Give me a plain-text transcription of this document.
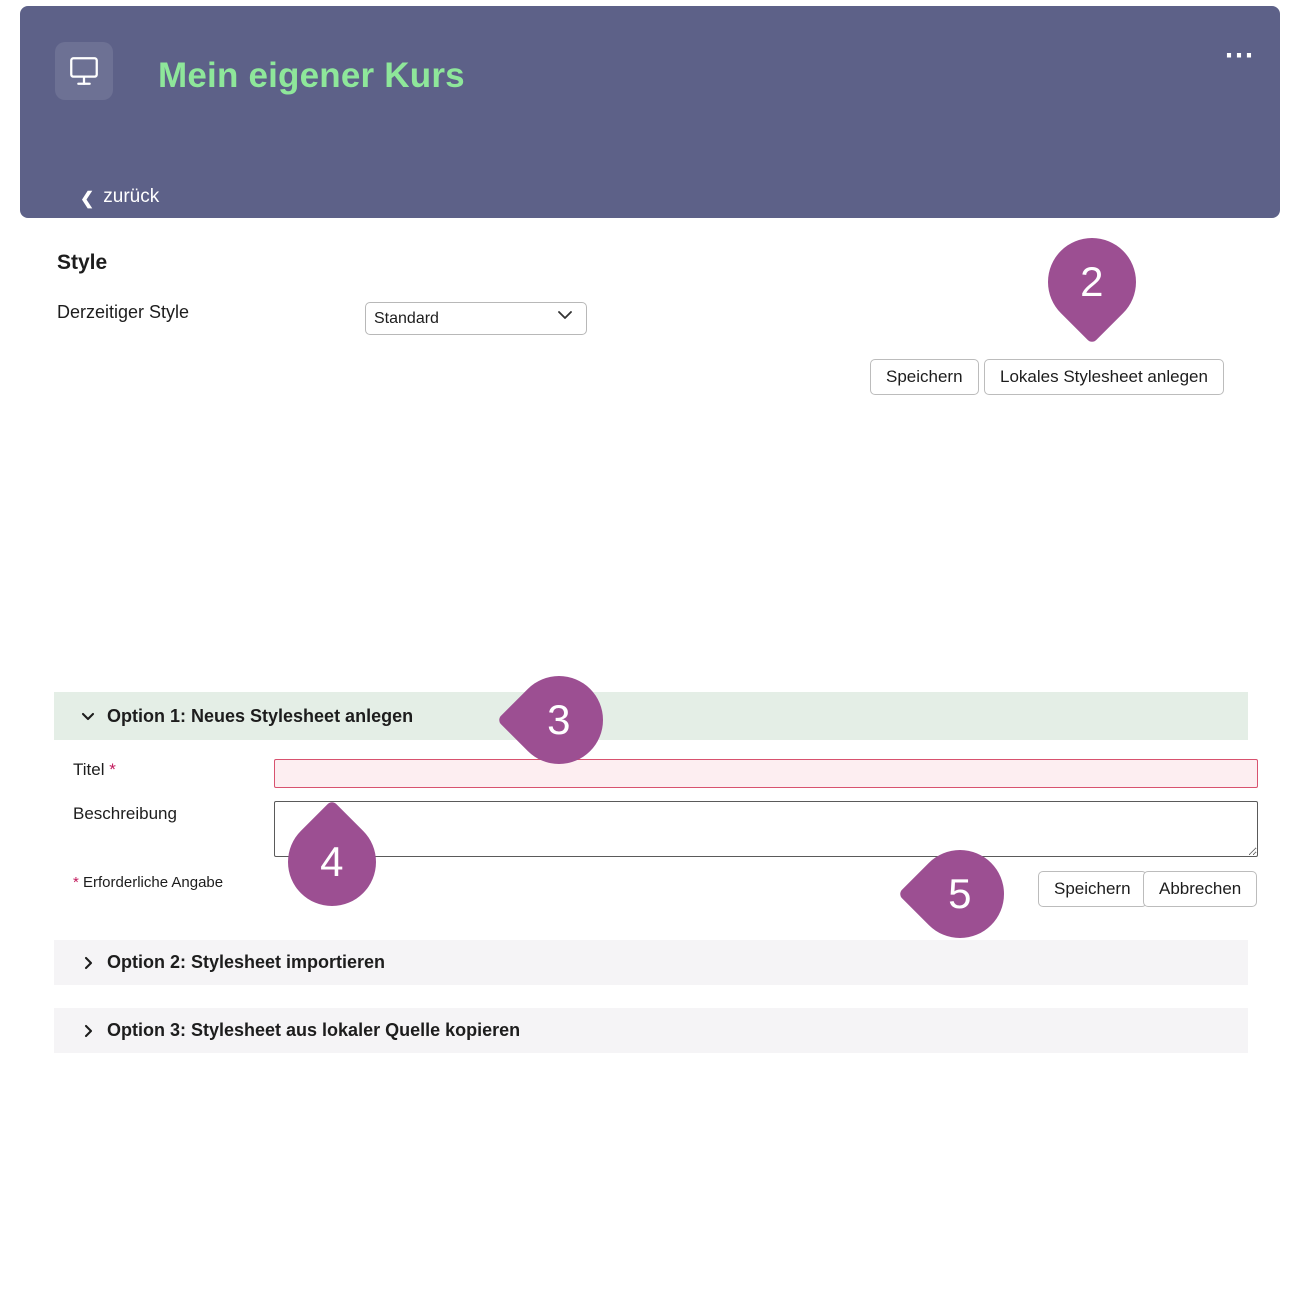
Mein eigener Kurs
⋯
❮ zurück
Style
Derzeitiger Style
Standard
Speichern	Lokales Stylesheet anlegen
Option 1: Neues Stylesheet anlegen
Titel *
Beschreibung
* Erforderliche Angabe	Speichern	Abbrechen
Option 2: Stylesheet importieren
Option 3: Stylesheet aus lokaler Quelle kopieren
2
3
4
5
